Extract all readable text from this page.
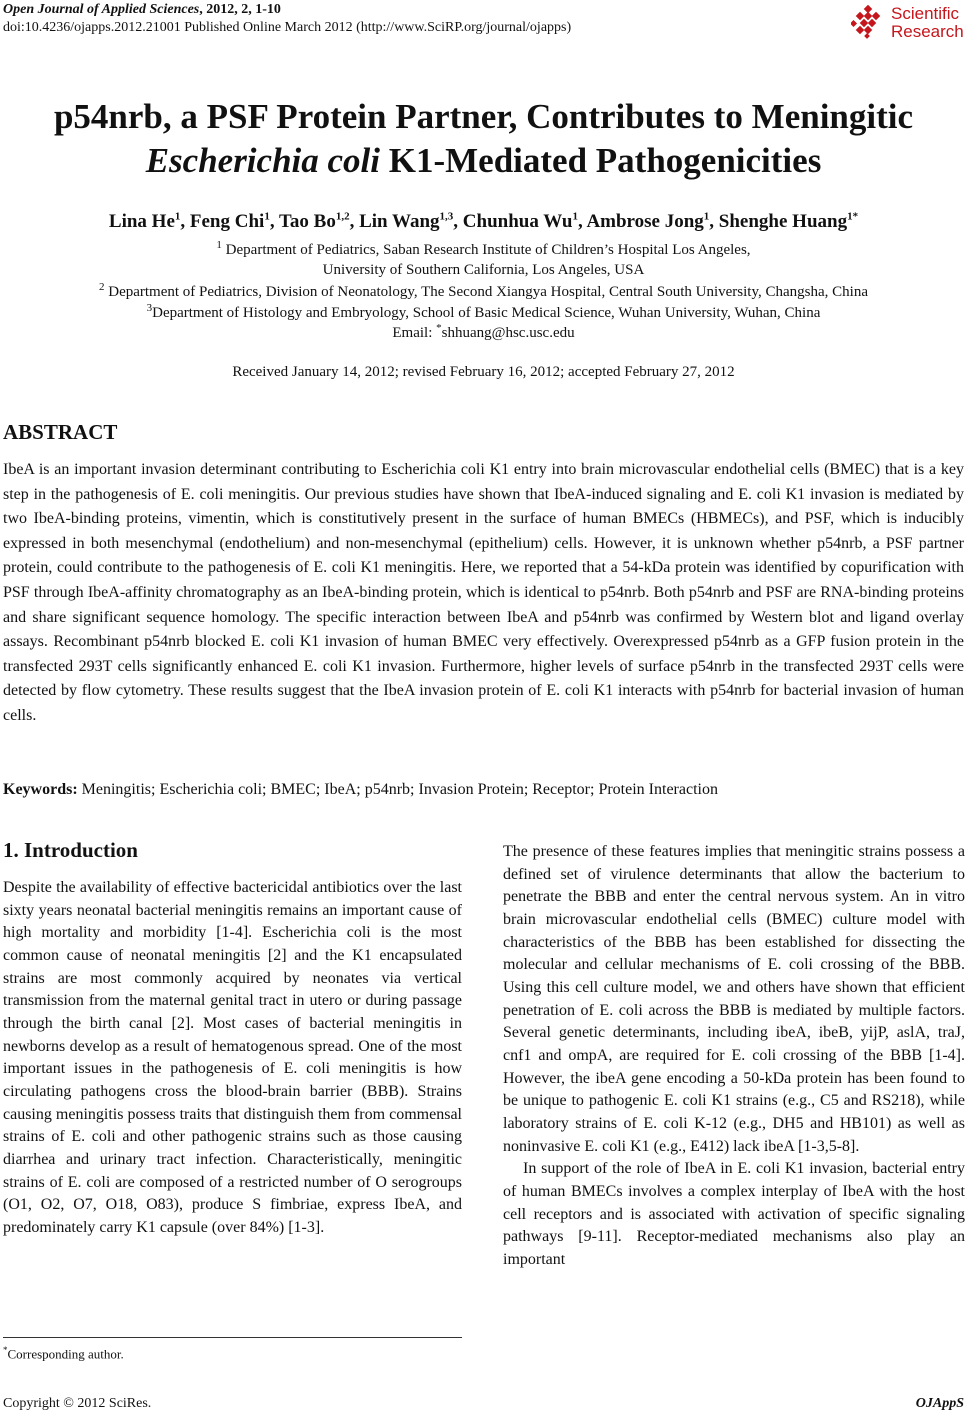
Open Journal of Applied Sciences, 2012, 2, 1-10
doi:10.4236/ojapps.2012.21001 Published Online March 2012 (http://www.SciRP.org/journal/ojapps)
Scientific
Research
p54nrb, a PSF Protein Partner, Contributes to Meningitic
Escherichia coli K1-Mediated Pathogenicities
Lina He$^1$, Feng Chi$^1$, Tao Bo$^{1,2}$, Lin Wang$^{1,3}$, Chunhua Wu$^1$, Ambrose Jong$^1$, Shenghe Huang$^{1*}$
$^1$ Department of Pediatrics, Saban Research Institute of Children’s Hospital Los Angeles,
University of Southern California, Los Angeles, USA
$^2$ Department of Pediatrics, Division of Neonatology, The Second Xiangya Hospital, Central South University, Changsha, China
$^3$Department of Histology and Embryology, School of Basic Medical Science, Wuhan University, Wuhan, China
Email: *shhuang@hsc.usc.edu
Received January 14, 2012; revised February 16, 2012; accepted February 27, 2012
ABSTRACT
IbeA is an important invasion determinant contributing to Escherichia coli K1 entry into brain microvascular endothelial cells (BMEC) that is a key step in the pathogenesis of E. coli meningitis. Our previous studies have shown that IbeA-induced signaling and E. coli K1 invasion is mediated by two IbeA-binding proteins, vimentin, which is constitutively present in the surface of human BMECs (HBMECs), and PSF, which is inducibly expressed in both mesenchymal (endothelium) and non-mesenchymal (epithelium) cells. However, it is unknown whether p54nrb, a PSF partner protein, could contribute to the pathogenesis of E. coli K1 meningitis. Here, we reported that a 54-kDa protein was identified by copurification with PSF through IbeA-affinity chromatography as an IbeA-binding protein, which is identical to p54nrb. Both p54nrb and PSF are RNA-binding proteins and share significant sequence homology. The specific interaction between IbeA and p54nrb was confirmed by Western blot and ligand overlay assays. Recombinant p54nrb blocked E. coli K1 invasion of human BMEC very effectively. Overexpressed p54nrb as a GFP fusion protein in the transfected 293T cells significantly enhanced E. coli K1 invasion. Furthermore, higher levels of surface p54nrb in the transfected 293T cells were detected by flow cytometry. These results suggest that the IbeA invasion protein of E. coli K1 interacts with p54nrb for bacterial invasion of human cells.
Keywords: Meningitis; Escherichia coli; BMEC; IbeA; p54nrb; Invasion Protein; Receptor; Protein Interaction
1. Introduction
Despite the availability of effective bactericidal antibiotics over the last sixty years neonatal bacterial meningitis remains an important cause of high mortality and morbidity [1-4]. Escherichia coli is the most common cause of neonatal meningitis [2] and the K1 encapsulated strains are most commonly acquired by neonates via vertical transmission from the maternal genital tract in utero or during passage through the birth canal [2]. Most cases of bacterial meningitis in newborns develop as a result of hematogenous spread. One of the most important issues in the pathogenesis of E. coli meningitis is how circulating pathogens cross the blood-brain barrier (BBB). Strains causing meningitis possess traits that distinguish them from commensal strains of E. coli and other pathogenic strains such as those causing diarrhea and urinary tract infection. Characteristically, meningitic strains of E. coli are composed of a restricted number of O serogroups (O1, O2, O7, O18, O83), produce S fimbriae, express IbeA, and predominately carry K1 capsule (over 84%) [1-3].

The presence of these features implies that meningitic strains possess a defined set of virulence determinants that allow the bacterium to penetrate the BBB and enter the central nervous system. An in vitro brain microvascular endothelial cells (BMEC) culture model with characteristics of the BBB has been established for dissecting the molecular and cellular mechanisms of E. coli crossing of the BBB. Using this cell culture model, we and others have shown that efficient penetration of E. coli across the BBB is mediated by multiple factors. Several genetic determinants, including ibeA, ibeB, yijP, aslA, traJ, cnf1 and ompA, are required for E. coli crossing of the BBB [1-4]. However, the ibeA gene encoding a 50-kDa protein has been found to be unique to pathogenic E. coli K1 strains (e.g., C5 and RS218), while laboratory strains of E. coli K-12 (e.g., DH5 and HB101) as well as noninvasive E. coli K1 (e.g., E412) lack ibeA [1-3,5-8].

In support of the role of IbeA in E. coli K1 invasion, bacterial entry of human BMECs involves a complex interplay of IbeA with the host cell receptors and is associated with activation of specific signaling pathways [9-11]. Receptor-mediated mechanisms also play an important

*Corresponding author.
Copyright © 2012 SciRes.	OJAppS
